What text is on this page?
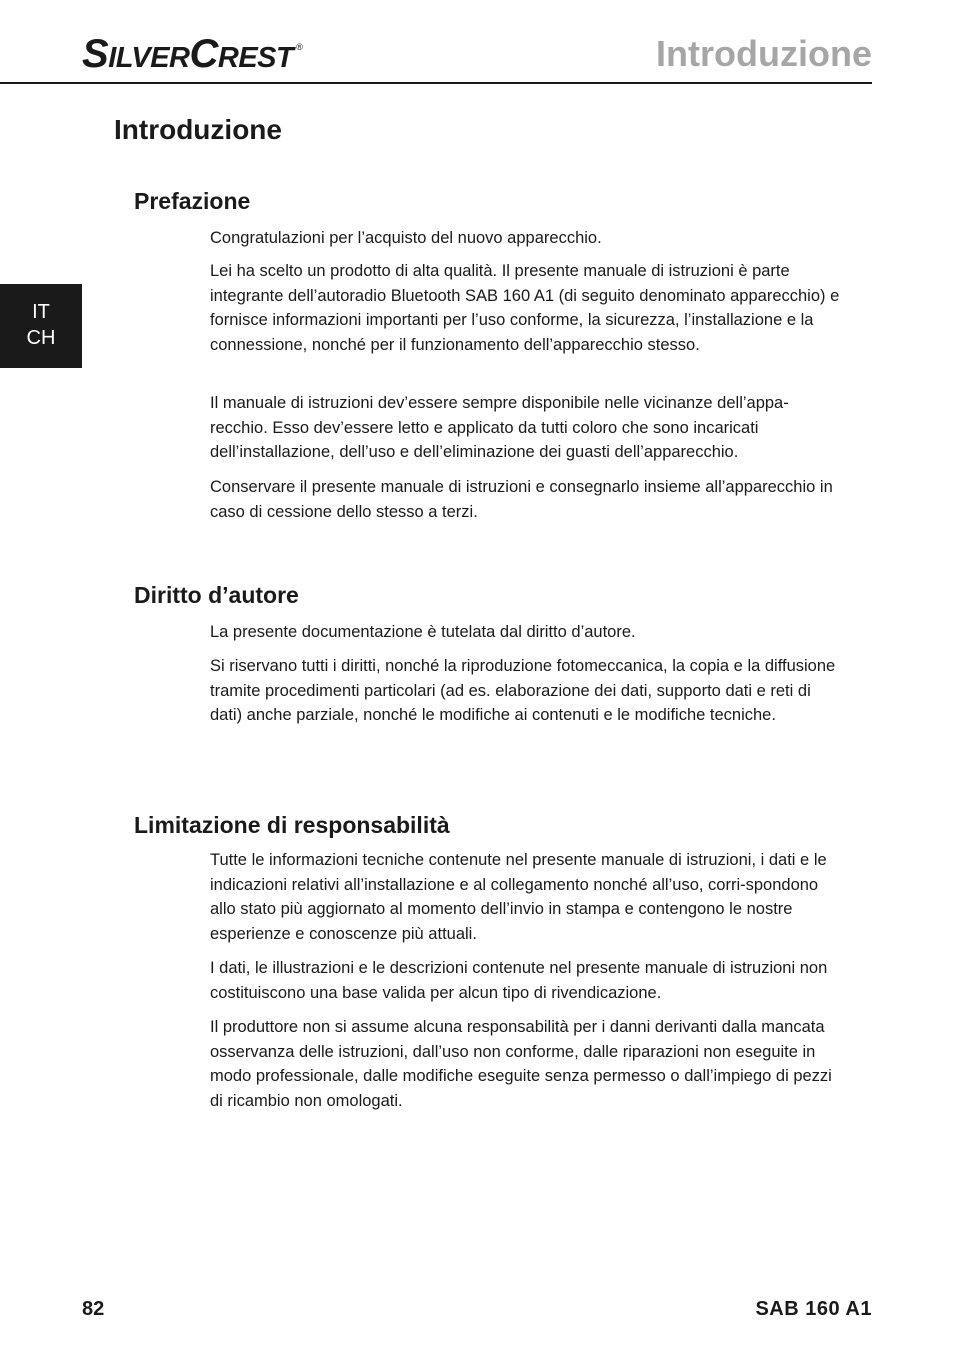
S ILVER C REST ®	Introduzione
IT
CH
Introduzione
Prefazione

Congratulazioni per l’acquisto del nuovo apparecchio.

Lei ha scelto un prodotto di alta qualità. Il presente manuale di istruzioni è parte integrante dell’autoradio Bluetooth SAB 160 A1 (di seguito denominato apparecchio) e fornisce informazioni importanti per l’uso conforme, la sicurezza, l’installazione e la connessione, nonché per il funzionamento dell’apparecchio stesso.

Il manuale di istruzioni dev’essere sempre disponibile nelle vicinanze dell’appa-recchio. Esso dev’essere letto e applicato da tutti coloro che sono incaricati dell’installazione, dell’uso e dell’eliminazione dei guasti dell’apparecchio.

Conservare il presente manuale di istruzioni e consegnarlo insieme all’apparecchio in caso di cessione dello stesso a terzi.

Diritto d’autore

La presente documentazione è tutelata dal diritto d’autore.

Si riservano tutti i diritti, nonché la riproduzione fotomeccanica, la copia e la diffusione tramite procedimenti particolari (ad es. elaborazione dei dati, supporto dati e reti di dati) anche parziale, nonché le modifiche ai contenuti e le modifiche tecniche.

Limitazione di responsabilità

Tutte le informazioni tecniche contenute nel presente manuale di istruzioni, i dati e le indicazioni relativi all’installazione e al collegamento nonché all’uso, corri-spondono allo stato più aggiornato al momento dell’invio in stampa e contengono le nostre esperienze e conoscenze più attuali.

I dati, le illustrazioni e le descrizioni contenute nel presente manuale di istruzioni non costituiscono una base valida per alcun tipo di rivendicazione.

Il produttore non si assume alcuna responsabilità per i danni derivanti dalla mancata osservanza delle istruzioni, dall’uso non conforme, dalle riparazioni non eseguite in modo professionale, dalle modifiche eseguite senza permesso o dall’impiego di pezzi di ricambio non omologati.

82	SAB 160 A1
